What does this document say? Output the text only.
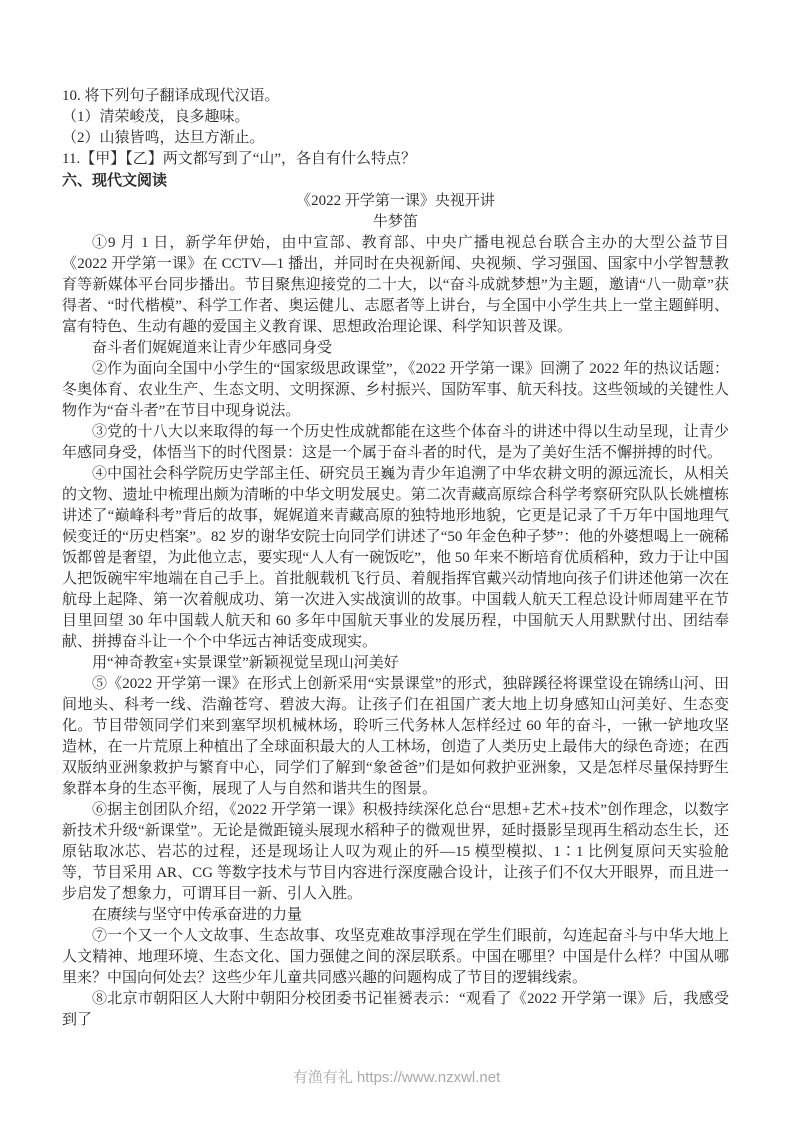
10. 将下列句子翻译成现代汉语。

（1）清荣峻茂，良多趣味。

（2）山猿皆鸣，达旦方渐止。

11.【甲】【乙】两文都写到了“山”，各自有什么特点？

六、现代文阅读

《2022 开学第一课》央视开讲

牛梦笛

①9 月 1 日，新学年伊始，由中宣部、教育部、中央广播电视总台联合主办的大型公益节目《2022 开学第一课》在 CCTV—1 播出，并同时在央视新闻、央视频、学习强国、国家中小学智慧教育等新媒体平台同步播出。节目聚焦迎接党的二十大，以“奋斗成就梦想”为主题，邀请“八一勋章”获得者、“时代楷模”、科学工作者、奥运健儿、志愿者等上讲台，与全国中小学生共上一堂主题鲜明、富有特色、生动有趣的爱国主义教育课、思想政治理论课、科学知识普及课。

奋斗者们娓娓道来让青少年感同身受

②作为面向全国中小学生的“国家级思政课堂”，《2022 开学第一课》回溯了 2022 年的热议话题：冬奥体育、农业生产、生态文明、文明探源、乡村振兴、国防军事、航天科技。这些领域的关键性人物作为“奋斗者”在节目中现身说法。

③党的十八大以来取得的每一个历史性成就都能在这些个体奋斗的讲述中得以生动呈现，让青少年感同身受，体悟当下的时代图景：这是一个属于奋斗者的时代，是为了美好生活不懈拼搏的时代。

④中国社会科学院历史学部主任、研究员王巍为青少年追溯了中华农耕文明的源远流长，从相关的文物、遗址中梳理出颇为清晰的中华文明发展史。第二次青藏高原综合科学考察研究队队长姚檀栋讲述了“巅峰科考”背后的故事，娓娓道来青藏高原的独特地形地貌，它更是记录了千万年中国地理气候变迁的“历史档案”。82 岁的谢华安院士向同学们讲述了“50 年金色种子梦”：他的外婆想喝上一碗稀饭都曾是奢望，为此他立志，要实现“人人有一碗饭吃”，他 50 年来不断培育优质稻种，致力于让中国人把饭碗牢牢地端在自己手上。首批舰载机飞行员、着舰指挥官戴兴动情地向孩子们讲述他第一次在航母上起降、第一次着舰成功、第一次进入实战演训的故事。中国载人航天工程总设计师周建平在节目里回望 30 年中国载人航天和 60 多年中国航天事业的发展历程，中国航天人用默默付出、团结奉献、拼搏奋斗让一个个中华远古神话变成现实。

用“神奇教室+实景课堂”新颖视觉呈现山河美好

⑤《2022 开学第一课》在形式上创新采用“实景课堂”的形式，独辟蹊径将课堂设在锦绣山河、田间地头、科考一线、浩瀚苍穹、碧波大海。让孩子们在祖国广袤大地上切身感知山河美好、生态变化。节目带领同学们来到塞罕坝机械林场，聆听三代务林人怎样经过 60 年的奋斗，一锹一铲地攻坚造林，在一片荒原上种植出了全球面积最大的人工林场，创造了人类历史上最伟大的绿色奇迹；在西双版纳亚洲象救护与繁育中心，同学们了解到“象爸爸”们是如何救护亚洲象，又是怎样尽量保持野生象群本身的生态平衡，展现了人与自然和谐共生的图景。

⑥据主创团队介绍，《2022 开学第一课》积极持续深化总台“思想+艺术+技术”创作理念，以数字新技术升级“新课堂”。无论是微距镜头展现水稻种子的微观世界，延时摄影呈现再生稻动态生长，还原钻取冰芯、岩芯的过程，还是现场让人叹为观止的歼—15 模型模拟、1∶1 比例复原问天实验舱等，节目采用 AR、CG 等数字技术与节目内容进行深度融合设计，让孩子们不仅大开眼界，而且进一步启发了想象力，可谓耳目一新、引人入胜。

在赓续与坚守中传承奋进的力量

⑦一个又一个人文故事、生态故事、攻坚克难故事浮现在学生们眼前，勾连起奋斗与中华大地上人文精神、地理环境、生态文化、国力强健之间的深层联系。中国在哪里？中国是什么样？中国从哪里来？中国向何处去？这些少年儿童共同感兴趣的问题构成了节目的逻辑线索。

⑧北京市朝阳区人大附中朝阳分校团委书记崔赟表示：“观看了《2022 开学第一课》后，我感受到了

有渔有礼 https://www.nzxwl.net
